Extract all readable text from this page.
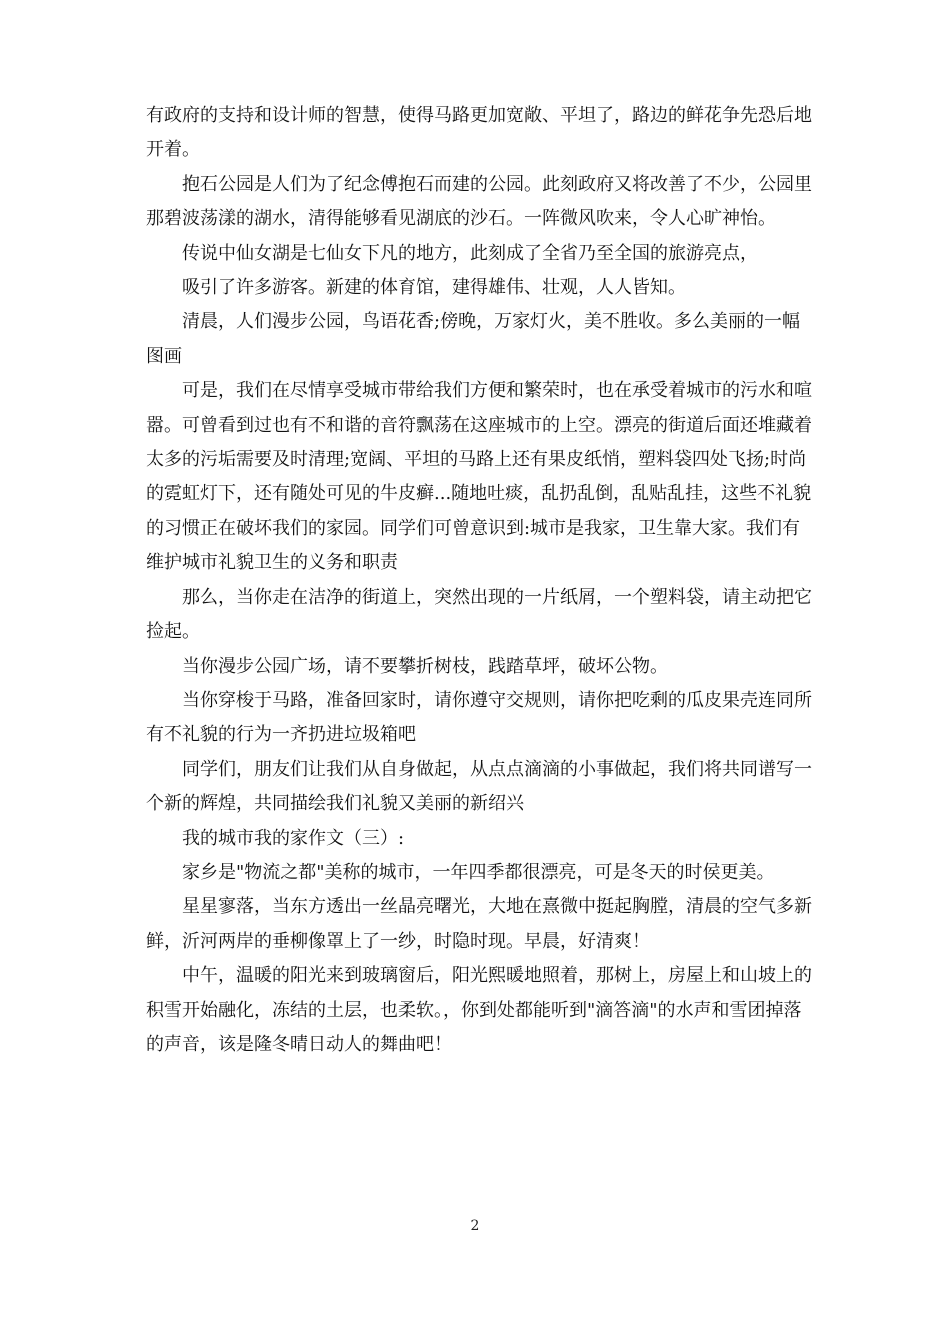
有政府的支持和设计师的智慧，使得马路更加宽敞、平坦了，路边的鲜花争先恐后地开着。

抱石公园是人们为了纪念傅抱石而建的公园。此刻政府又将改善了不少，公园里那碧波荡漾的湖水，清得能够看见湖底的沙石。一阵微风吹来，令人心旷神怡。

传说中仙女湖是七仙女下凡的地方，此刻成了全省乃至全国的旅游亮点，

吸引了许多游客。新建的体育馆，建得雄伟、壮观，人人皆知。

清晨，人们漫步公园，鸟语花香;傍晚，万家灯火，美不胜收。多么美丽的一幅图画

可是，我们在尽情享受城市带给我们方便和繁荣时，也在承受着城市的污水和喧嚣。可曾看到过也有不和谐的音符飘荡在这座城市的上空。漂亮的街道后面还堆藏着太多的污垢需要及时清理;宽阔、平坦的马路上还有果皮纸悄，塑料袋四处飞扬;时尚的霓虹灯下，还有随处可见的牛皮癣...随地吐痰，乱扔乱倒，乱贴乱挂，这些不礼貌的习惯正在破坏我们的家园。同学们可曾意识到:城市是我家，卫生靠大家。我们有维护城市礼貌卫生的义务和职责

那么，当你走在洁净的街道上，突然出现的一片纸屑，一个塑料袋，请主动把它捡起。

当你漫步公园广场，请不要攀折树枝，践踏草坪，破坏公物。

当你穿梭于马路，准备回家时，请你遵守交规则，请你把吃剩的瓜皮果壳连同所有不礼貌的行为一齐扔进垃圾箱吧

同学们，朋友们让我们从自身做起，从点点滴滴的小事做起，我们将共同谱写一个新的辉煌，共同描绘我们礼貌又美丽的新绍兴

我的城市我的家作文（三）:

家乡是"物流之都"美称的城市，一年四季都很漂亮，可是冬天的时侯更美。

星星寥落，当东方透出一丝晶亮曙光，大地在熹微中挺起胸膛，清晨的空气多新鲜，沂河两岸的垂柳像罩上了一纱，时隐时现。早晨，好清爽！

中午，温暖的阳光来到玻璃窗后，阳光熙暖地照着，那树上，房屋上和山坡上的积雪开始融化，冻结的土层，也柔软。，你到处都能听到"滴答滴"的水声和雪团掉落的声音，该是隆冬晴日动人的舞曲吧！

2
